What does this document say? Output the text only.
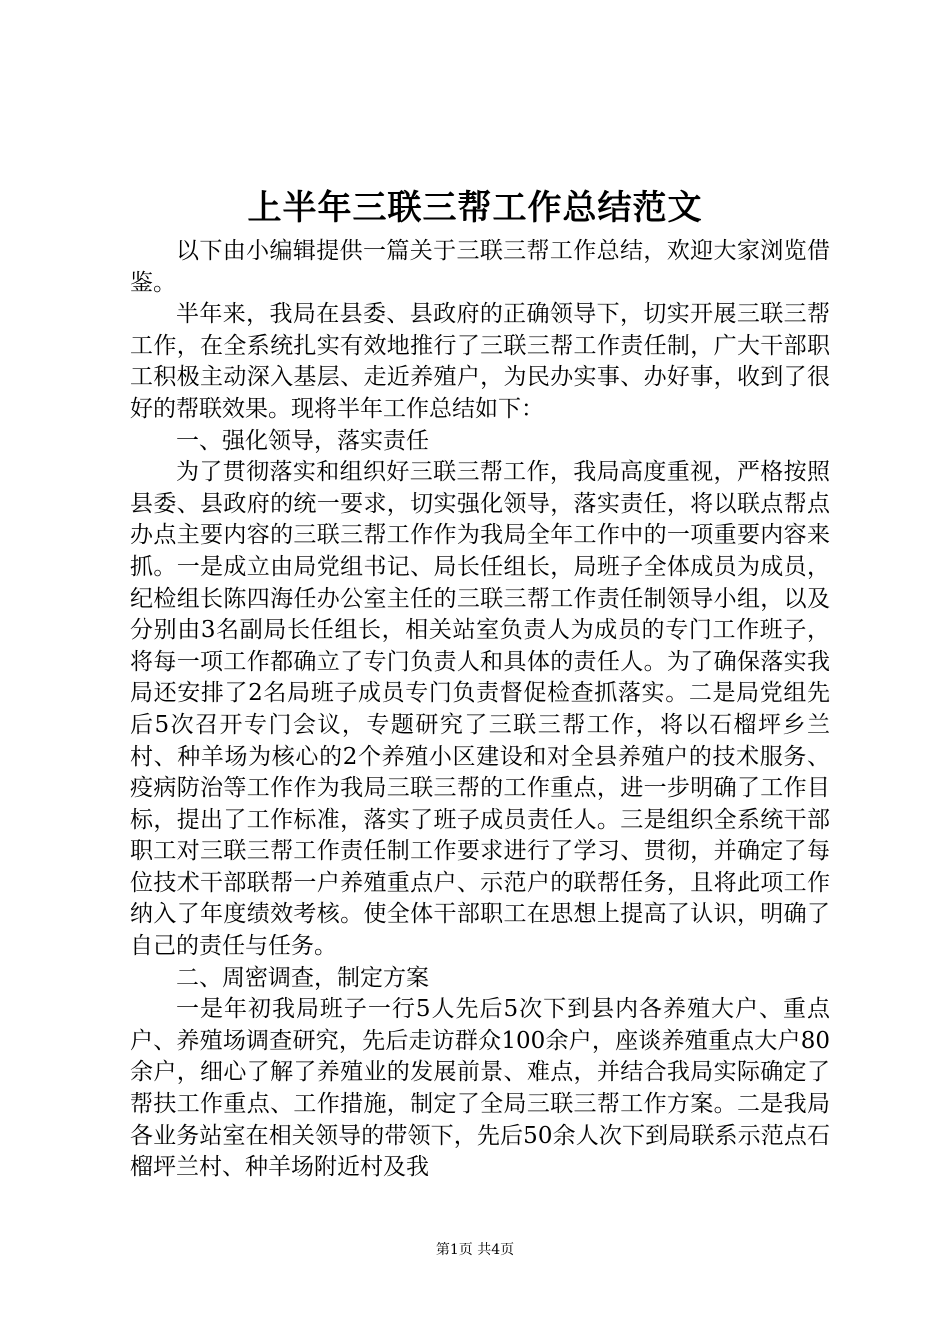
上半年三联三帮工作总结范文

以下由小编辑提供一篇关于三联三帮工作总结，欢迎大家浏览借鉴。

半年来，我局在县委、县政府的正确领导下，切实开展三联三帮工作，在全系统扎实有效地推行了三联三帮工作责任制，广大干部职工积极主动深入基层、走近养殖户，为民办实事、办好事，收到了很好的帮联效果。现将半年工作总结如下：

一、强化领导，落实责任

为了贯彻落实和组织好三联三帮工作，我局高度重视，严格按照县委、县政府的统一要求，切实强化领导，落实责任，将以联点帮点办点主要内容的三联三帮工作作为我局全年工作中的一项重要内容来抓。一是成立由局党组书记、局长任组长，局班子全体成员为成员，纪检组长陈四海任办公室主任的三联三帮工作责任制领导小组，以及分别由3名副局长任组长，相关站室负责人为成员的专门工作班子，将每一项工作都确立了专门负责人和具体的责任人。为了确保落实我局还安排了2名局班子成员专门负责督促检查抓落实。二是局党组先后5次召开专门会议，专题研究了三联三帮工作，将以石榴坪乡兰村、种羊场为核心的2个养殖小区建设和对全县养殖户的技术服务、疫病防治等工作作为我局三联三帮的工作重点，进一步明确了工作目标，提出了工作标准，落实了班子成员责任人。三是组织全系统干部职工对三联三帮工作责任制工作要求进行了学习、贯彻，并确定了每位技术干部联帮一户养殖重点户、示范户的联帮任务，且将此项工作纳入了年度绩效考核。使全体干部职工在思想上提高了认识，明确了自己的责任与任务。

二、周密调查，制定方案

一是年初我局班子一行5人先后5次下到县内各养殖大户、重点户、养殖场调查研究，先后走访群众100余户，座谈养殖重点大户80余户，细心了解了养殖业的发展前景、难点，并结合我局实际确定了帮扶工作重点、工作措施，制定了全局三联三帮工作方案。二是我局各业务站室在相关领导的带领下，先后50余人次下到局联系示范点石榴坪兰村、种羊场附近村及我

第1页 共4页
